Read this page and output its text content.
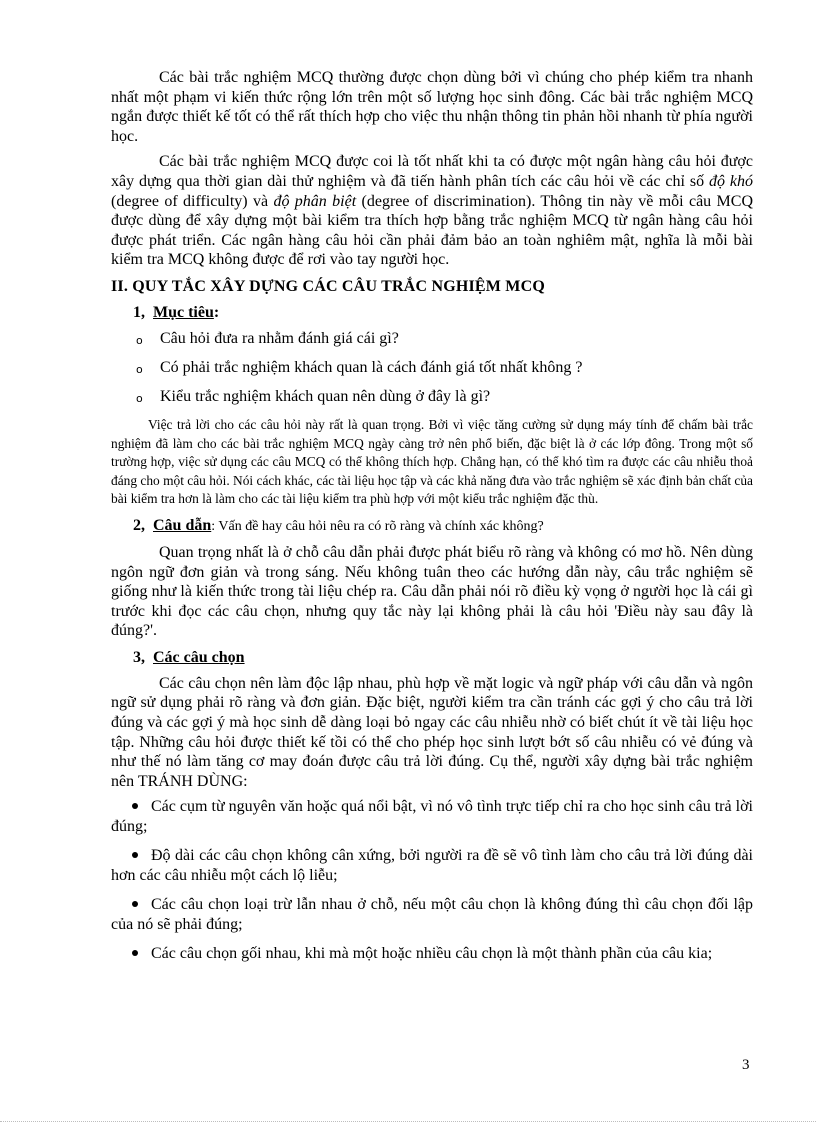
Các bài trắc nghiệm MCQ thường được chọn dùng bởi vì chúng cho phép kiểm tra nhanh nhất một phạm vi kiến thức rộng lớn trên một số lượng học sinh đông. Các bài trắc nghiệm MCQ ngắn được thiết kế tốt có thể rất thích hợp cho việc thu nhận thông tin phản hồi nhanh từ phía người học.

Các bài trắc nghiệm MCQ được coi là tốt nhất khi ta có được một ngân hàng câu hỏi được xây dựng qua thời gian dài thử nghiệm và đã tiến hành phân tích các câu hỏi về các chỉ số độ khó (degree of difficulty) và độ phân biệt (degree of discrimination). Thông tin này về mỗi câu MCQ được dùng để xây dựng một bài kiểm tra thích hợp bằng trắc nghiệm MCQ từ ngân hàng câu hỏi được phát triển. Các ngân hàng câu hỏi cần phải đảm bảo an toàn nghiêm mật, nghĩa là mỗi bài kiểm tra MCQ không được để rơi vào tay người học.

II. QUY TẮC XÂY DỰNG CÁC CÂU TRẮC NGHIỆM MCQ

1, Mục tiêu:

o Câu hỏi đưa ra nhằm đánh giá cái gì?
o Có phải trắc nghiệm khách quan là cách đánh giá tốt nhất không ?
o Kiểu trắc nghiệm khách quan nên dùng ở đây là gì?

Việc trả lời cho các câu hỏi này rất là quan trọng. Bởi vì việc tăng cường sử dụng máy tính để chấm bài trắc nghiệm đã làm cho các bài trắc nghiệm MCQ ngày càng trở nên phổ biến, đặc biệt là ở các lớp đông. Trong một số trường hợp, việc sử dụng các câu MCQ có thể không thích hợp. Chẳng hạn, có thể khó tìm ra được các câu nhiễu thoả đáng cho một câu hỏi. Nói cách khác, các tài liệu học tập và các khả năng đưa vào trắc nghiệm sẽ xác định bản chất của bài kiểm tra hơn là làm cho các tài liệu kiểm tra phù hợp với một kiểu trắc nghiệm đặc thù.

2, Câu dẫn: Vấn đề hay câu hỏi nêu ra có rõ ràng và chính xác không?

Quan trọng nhất là ở chỗ câu dẫn phải được phát biểu rõ ràng và không có mơ hồ. Nên dùng ngôn ngữ đơn giản và trong sáng. Nếu không tuân theo các hướng dẫn này, câu trắc nghiệm sẽ giống như là kiến thức trong tài liệu chép ra. Câu dẫn phải nói rõ điều kỳ vọng ở người học là cái gì trước khi đọc các câu chọn, nhưng quy tắc này lại không phải là câu hỏi 'Điều này sau đây là đúng?'.

3, Các câu chọn

Các câu chọn nên làm độc lập nhau, phù hợp về mặt logic và ngữ pháp với câu dẫn và ngôn ngữ sử dụng phải rõ ràng và đơn giản. Đặc biệt, người kiểm tra cần tránh các gợi ý cho câu trả lời đúng và các gợi ý mà học sinh dễ dàng loại bỏ ngay các câu nhiễu nhờ có biết chút ít về tài liệu học tập. Những câu hỏi được thiết kế tồi có thể cho phép học sinh lượt bớt số câu nhiễu có vẻ đúng và như thế nó làm tăng cơ may đoán được câu trả lời đúng. Cụ thể, người xây dựng bài trắc nghiệm nên TRÁNH DÙNG:

Các cụm từ nguyên văn hoặc quá nổi bật, vì nó vô tình trực tiếp chỉ ra cho học sinh câu trả lời đúng;
Độ dài các câu chọn không cân xứng, bởi người ra đề sẽ vô tình làm cho câu trả lời đúng dài hơn các câu nhiễu một cách lộ liễu;
Các câu chọn loại trừ lẫn nhau ở chỗ, nếu một câu chọn là không đúng thì câu chọn đối lập của nó sẽ phải đúng;
Các câu chọn gối nhau, khi mà một hoặc nhiều câu chọn là một thành phần của câu kia;
3
